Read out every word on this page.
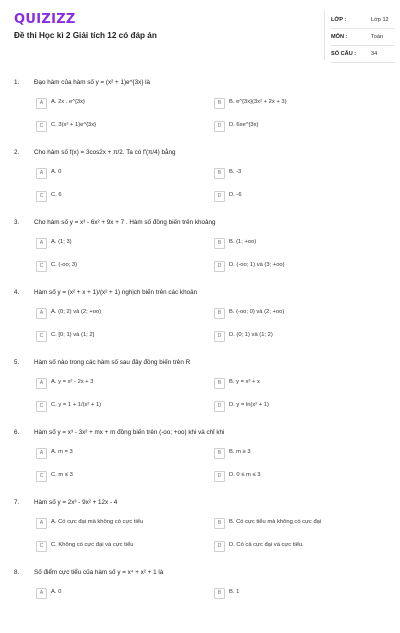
QUIZIZZ
Đề thi Học kì 2 Giải tích 12 có đáp án
LỚP :	Lớp 12
MÔN :	Toán
SỐ CÂU :	34
1. Đạo hàm của hàm số y = (x² + 1)e^{3x} là
A	A. 2x . e^{3x}	B	B. e^{3x}(3x² + 2x + 3)
C	C. 3(x² + 1)e^{3x}	D	D. 6xe^{3x}
2. Cho hàm số f(x) = 3cos2x + π/2. Ta có f'(π/4) bằng
A	A. 0	B	B. -3
C	C. 6	D	D. -6
3. Cho hàm số y = x³ - 6x² + 9x + 7 . Hàm số đồng biến trên khoảng
A	A. (1; 3)	B	B. (1; +oo)
C	C. (-oo; 3)	D	D. (-oo; 1) và (3; +oo)
4. Hàm số y = (x² + x + 1)/(x² + 1) nghịch biến trên các khoản
A	A. (0; 2) và (2; +oo)	B	B. (-oo; 0) và (2; +oo)
C	C. [0; 1) và (1; 2]	D	D. (0; 1) và (1; 2)
5. Hàm số nào trong các hàm số sau đây đồng biến trên R
A	A. y = x² - 2x + 3	B	B. y = x³ + x
C	C. y = 1 + 1/(x² + 1)	D	D. y = ln(x² + 1)
6. Hàm số y = x³ - 3x² + mx + m đồng biến trên (-oo; +oo) khi và chỉ khi
A	A. m = 3	B	B. m ≥ 3
C	C. m ≤ 3	D	D. 0 ≤ m ≤ 3
7. Hàm số y = 2x³ - 9x² + 12x - 4
A	A. Có cực đại mà không có cực tiểu	B	B. Có cực tiểu mà không có cực đại
C	C. Không có cực đại và cực tiểu	D	D. Có cả cực đại và cực tiểu.
8. Số điểm cực tiểu của hàm số y = x⁴ + x² + 1 là
A	A. 0	B	B. 1
